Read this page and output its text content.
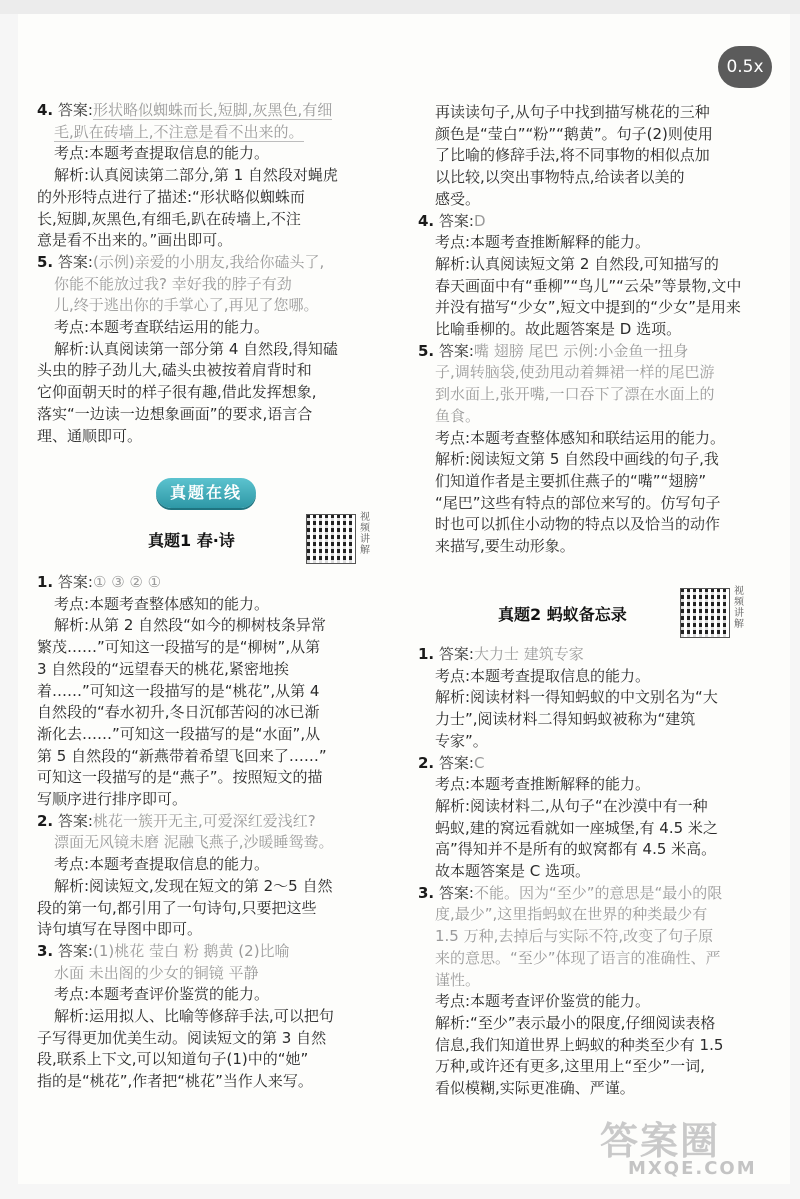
0.5x
4. 答案:形状略似蜘蛛而长,短脚,灰黑色,有细
毛,趴在砖墙上,不注意是看不出来的。
考点:本题考查提取信息的能力。
解析:认真阅读第二部分,第 1 自然段对蝇虎
的外形特点进行了描述:“形状略似蜘蛛而
长,短脚,灰黑色,有细毛,趴在砖墙上,不注
意是看不出来的。”画出即可。
5. 答案:(示例)亲爱的小朋友,我给你磕头了,
你能不能放过我? 幸好我的脖子有劲
儿,终于逃出你的手掌心了,再见了您哪。
考点:本题考查联结运用的能力。
解析:认真阅读第一部分第 4 自然段,得知磕
头虫的脖子劲儿大,磕头虫被按着肩背时和
它仰面朝天时的样子很有趣,借此发挥想象,
落实“一边读一边想象画面”的要求,语言合
理、通顺即可。
真题在线
真题1 春·诗
视频讲解
1. 答案:① ③ ② ①
考点:本题考查整体感知的能力。
解析:从第 2 自然段“如今的柳树枝条异常
繁茂……”可知这一段描写的是“柳树”,从第
3 自然段的“远望春天的桃花,紧密地挨
着……”可知这一段描写的是“桃花”,从第 4
自然段的“春水初升,冬日沉郁苦闷的冰已渐
渐化去……”可知这一段描写的是“水面”,从
第 5 自然段的“新燕带着希望飞回来了……”
可知这一段描写的是“燕子”。按照短文的描
写顺序进行排序即可。
2. 答案:桃花一簇开无主,可爱深红爱浅红?
漂面无风镜未磨 泥融飞燕子,沙暖睡鸳鸯。
考点:本题考查提取信息的能力。
解析:阅读短文,发现在短文的第 2～5 自然
段的第一句,都引用了一句诗句,只要把这些
诗句填写在导图中即可。
3. 答案:(1)桃花 莹白 粉 鹅黄 (2)比喻
水面 未出阁的少女的铜镜 平静
考点:本题考查评价鉴赏的能力。
解析:运用拟人、比喻等修辞手法,可以把句
子写得更加优美生动。阅读短文的第 3 自然
段,联系上下文,可以知道句子(1)中的“她”
指的是“桃花”,作者把“桃花”当作人来写。
再读读句子,从句子中找到描写桃花的三种
颜色是“莹白”“粉”“鹅黄”。句子(2)则使用
了比喻的修辞手法,将不同事物的相似点加
以比较,以突出事物特点,给读者以美的
感受。
4. 答案:D
考点:本题考查推断解释的能力。
解析:认真阅读短文第 2 自然段,可知描写的
春天画面中有“垂柳”“鸟儿”“云朵”等景物,文中
并没有描写“少女”,短文中提到的“少女”是用来
比喻垂柳的。故此题答案是 D 选项。
5. 答案:嘴 翅膀 尾巴 示例:小金鱼一扭身
子,调转脑袋,使劲甩动着舞裙一样的尾巴游
到水面上,张开嘴,一口吞下了漂在水面上的
鱼食。
考点:本题考查整体感知和联结运用的能力。
解析:阅读短文第 5 自然段中画线的句子,我
们知道作者是主要抓住燕子的“嘴”“翅膀”
“尾巴”这些有特点的部位来写的。仿写句子
时也可以抓住小动物的特点以及恰当的动作
来描写,要生动形象。
真题2 蚂蚁备忘录
视频讲解
1. 答案:大力士 建筑专家
考点:本题考查提取信息的能力。
解析:阅读材料一得知蚂蚁的中文别名为“大
力士”,阅读材料二得知蚂蚁被称为“建筑
专家”。
2. 答案:C
考点:本题考查推断解释的能力。
解析:阅读材料二,从句子“在沙漠中有一种
蚂蚁,建的窝远看就如一座城堡,有 4.5 米之
高”得知并不是所有的蚁窝都有 4.5 米高。
故本题答案是 C 选项。
3. 答案:不能。因为“至少”的意思是“最小的限
度,最少”,这里指蚂蚁在世界的种类最少有
1.5 万种,去掉后与实际不符,改变了句子原
来的意思。“至少”体现了语言的准确性、严
谨性。
考点:本题考查评价鉴赏的能力。
解析:“至少”表示最小的限度,仔细阅读表格
信息,我们知道世界上蚂蚁的种类至少有 1.5
万种,或许还有更多,这里用上“至少”一词,
看似模糊,实际更准确、严谨。
答案圈
MXQE.COM
